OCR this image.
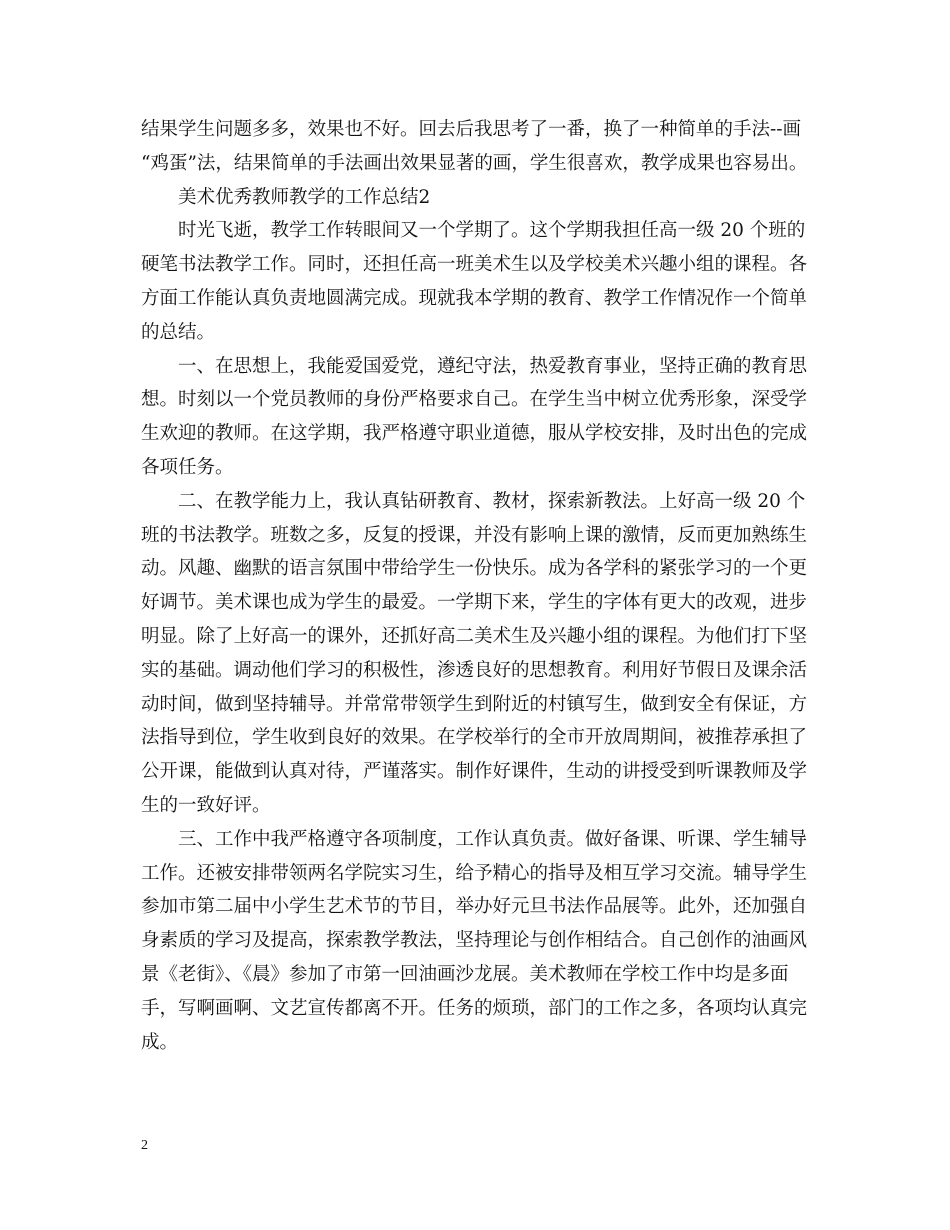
结果学生问题多多，效果也不好。回去后我思考了一番，换了一种简单的手法--画
“鸡蛋”法，结果简单的手法画出效果显著的画，学生很喜欢，教学成果也容易出。
　　美术优秀教师教学的工作总结2
　　时光飞逝，教学工作转眼间又一个学期了。这个学期我担任高一级 20 个班的
硬笔书法教学工作。同时，还担任高一班美术生以及学校美术兴趣小组的课程。各
方面工作能认真负责地圆满完成。现就我本学期的教育、教学工作情况作一个简单
的总结。
　　一、在思想上，我能爱国爱党，遵纪守法，热爱教育事业，坚持正确的教育思
想。时刻以一个党员教师的身份严格要求自己。在学生当中树立优秀形象，深受学
生欢迎的教师。在这学期，我严格遵守职业道德，服从学校安排，及时出色的完成
各项任务。
　　二、在教学能力上，我认真钻研教育、教材，探索新教法。上好高一级 20 个
班的书法教学。班数之多，反复的授课，并没有影响上课的激情，反而更加熟练生
动。风趣、幽默的语言氛围中带给学生一份快乐。成为各学科的紧张学习的一个更
好调节。美术课也成为学生的最爱。一学期下来，学生的字体有更大的改观，进步
明显。除了上好高一的课外，还抓好高二美术生及兴趣小组的课程。为他们打下坚
实的基础。调动他们学习的积极性，渗透良好的思想教育。利用好节假日及课余活
动时间，做到坚持辅导。并常常带领学生到附近的村镇写生，做到安全有保证，方
法指导到位，学生收到良好的效果。在学校举行的全市开放周期间，被推荐承担了
公开课，能做到认真对待，严谨落实。制作好课件，生动的讲授受到听课教师及学
生的一致好评。
　　三、工作中我严格遵守各项制度，工作认真负责。做好备课、听课、学生辅导
工作。还被安排带领两名学院实习生，给予精心的指导及相互学习交流。辅导学生
参加市第二届中小学生艺术节的节目，举办好元旦书法作品展等。此外，还加强自
身素质的学习及提高，探索教学教法，坚持理论与创作相结合。自己创作的油画风
景《老街》、《晨》参加了市第一回油画沙龙展。美术教师在学校工作中均是多面
手，写啊画啊、文艺宣传都离不开。任务的烦琐，部门的工作之多，各项均认真完
成。
2
